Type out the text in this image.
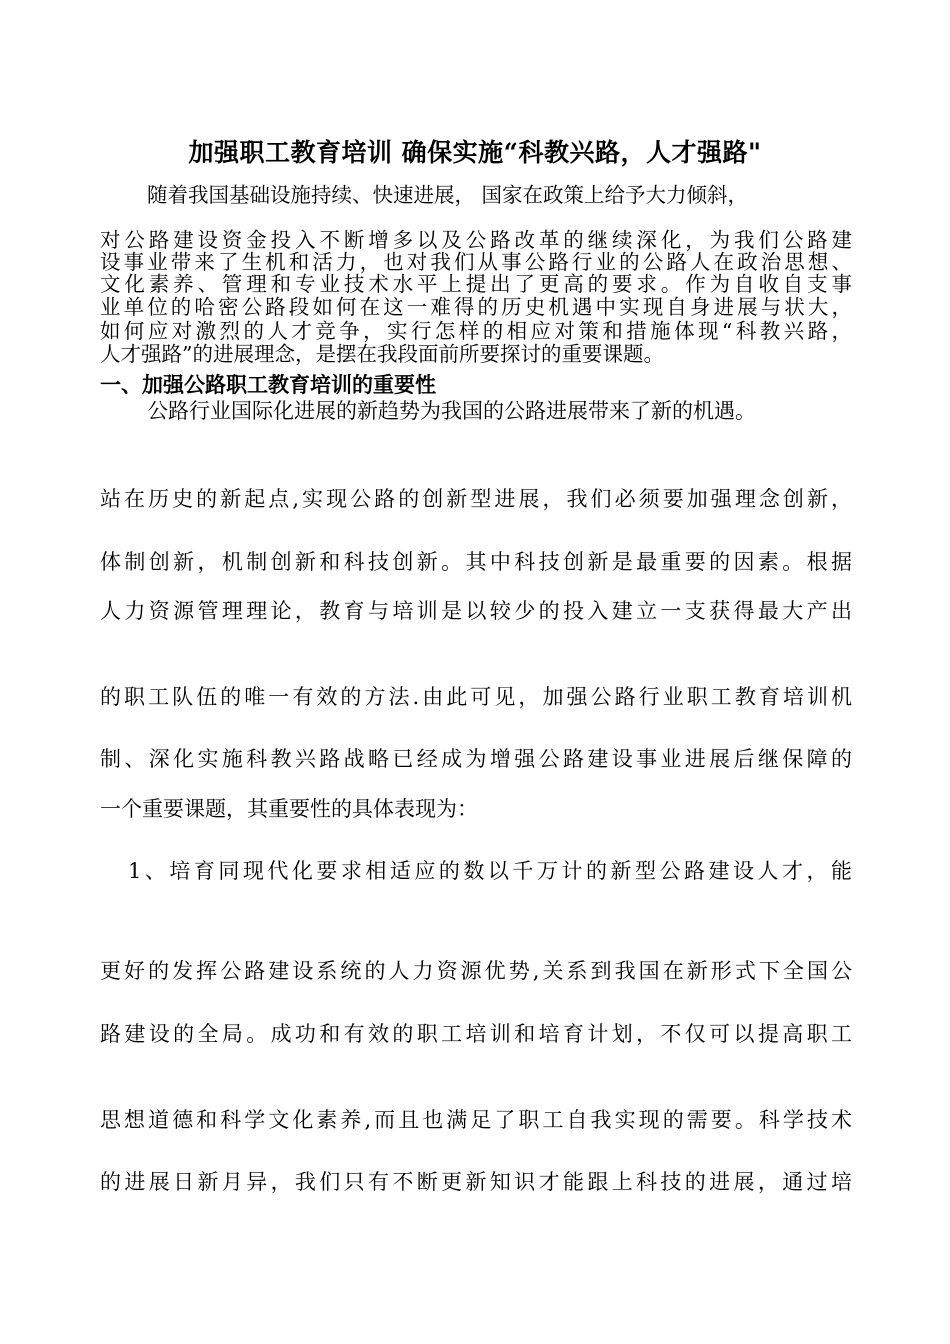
加强职工教育培训 确保实施“科教兴路，人才强路"
随着我国基础设施持续、快速进展， 国家在政策上给予大力倾斜，
对公路建设资金投入不断增多以及公路改革的继续深化，为我们公路建
设事业带来了生机和活力，也对我们从事公路行业的公路人在政治思想、
文化素养、管理和专业技术水平上提出了更高的要求。作为自收自支事
业单位的哈密公路段如何在这一难得的历史机遇中实现自身进展与状大，
如何应对激烈的人才竞争，实行怎样的相应对策和措施体现“科教兴路，
人才强路”的进展理念，是摆在我段面前所要探讨的重要课题。
一、加强公路职工教育培训的重要性
公路行业国际化进展的新趋势为我国的公路进展带来了新的机遇。
站在历史的新起点,实现公路的创新型进展，我们必须要加强理念创新，
体制创新，机制创新和科技创新。其中科技创新是最重要的因素。根据
人力资源管理理论，教育与培训是以较少的投入建立一支获得最大产出
的职工队伍的唯一有效的方法.由此可见，加强公路行业职工教育培训机
制、深化实施科教兴路战略已经成为增强公路建设事业进展后继保障的
一个重要课题，其重要性的具体表现为：
1、培育同现代化要求相适应的数以千万计的新型公路建设人才，能
更好的发挥公路建设系统的人力资源优势,关系到我国在新形式下全国公
路建设的全局。成功和有效的职工培训和培育计划，不仅可以提高职工
思想道德和科学文化素养,而且也满足了职工自我实现的需要。科学技术
的进展日新月异，我们只有不断更新知识才能跟上科技的进展，通过培
